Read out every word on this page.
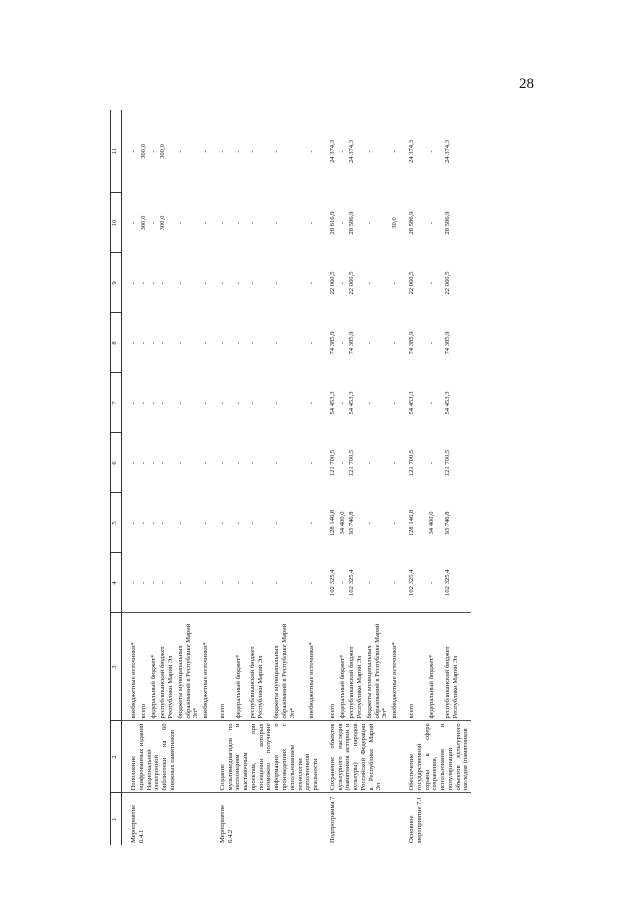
28
1	2	3	4	5	6	7	8	9	10	11
Мероприятие 6.4.1	Пополнение оцифрованных изданий Национальной электронной библиотеки на 60 книжных памятников	внебюджетные источники*	-	-	-	-	-	-	-	-
		всего	-	-	-	-	-	-	300,0	300,0
		федеральный бюджет*	-	-	-	-	-	-	-	-
		республиканский бюджет Республики Марий Эл	-	-	-	-	-	-	300,0	300,0
		бюджеты муниципальных образований в Республике Марий Эл*	-	-	-	-	-	-	-	-
		внебюджетные источники*	-	-	-	-	-	-	-	-
Мероприятие 6.4.2	Создание мультимедиагидов по экспозициям и выставочным проектам, при посещении которых возможно получение информации о произведениях с использованием технологии дополненной реальности	всего	-	-	-	-	-	-	-	-
		федеральный бюджет*	-	-	-	-	-	-	-	-
		республиканский бюджет Республики Марий Эл	-	-	-	-	-	-	-	-
		бюджеты муниципальных образований в Республике Марий Эл*	-	-	-	-	-	-	-	-
		внебюджетные источники*	-	-	-	-	-	-	-	-
Подпрограмма 7	Сохранение объектов культурного наследия (памятников истории и культуры) народов Российской Федерации в Республике Марий Эл	всего	102 325,4	128 146,8	121 700,5	54 453,3	74 385,9	22 060,5	28 616,9	24 374,3
		федеральный бюджет*	-	34 400,0	-	-	-	-	-	-
		республиканский бюджет Республики Марий Эл	102 325,4	93 746,8	121 700,5	54 453,3	74 385,9	22 060,5	28 586,9	24 374,3
		бюджеты муниципальных образований в Республике Марий Эл*	-	-	-	-	-	-	-	-
		внебюджетные источники*	-	-	-	-	-	-	30,0	-
Основное мероприятие 7.1	Обеспечение государственной охраны в сфере сохранения, использования и популяризации объектов культурного наследия (памятников	всего	102 325,4	128 146,8	121 700,5	54 453,3	74 385,9	22 060,5	28 586,9	24 374,3
		федеральный бюджет*	-	34 400,0	-	-	-	-	-	-
		республиканский бюджет Республики Марий Эл	102 325,4	93 746,8	121 700,5	54 453,3	74 385,9	22 060,5	28 586,9	24 374,3
